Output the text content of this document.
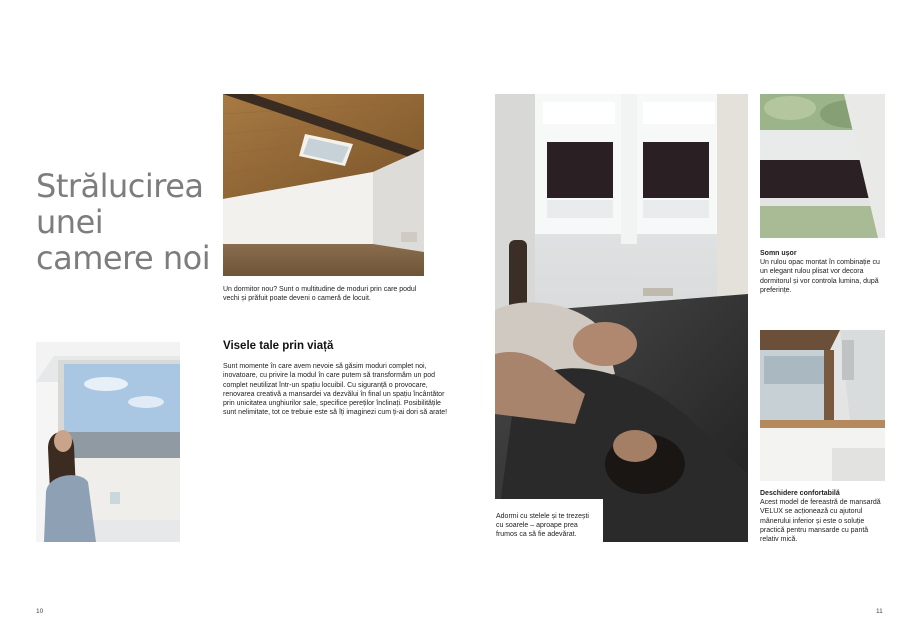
Strălucirea
unei
camere noi
Un dormitor nou? Sunt o multitudine de moduri prin care podul vechi și prăfuit poate deveni o cameră de locuit.
Visele tale prin viață
Sunt momente în care avem nevoie să găsim moduri complet noi, inovatoare, cu privire la modul în care putem să transformăm un pod complet neutilizat într-un spațiu locuibil. Cu siguranță o provocare, renovarea creativă a mansardei va dezvălui în final un spațiu încântător prin unicitatea unghiurilor sale, specifice pereților înclinați. Posibilitățile sunt nelimitate, tot ce trebuie este să îți imaginezi cum ți-ai dori să arate!
10
Adormi cu stelele și te trezești cu soarele – aproape prea frumos ca să fie adevărat.
Somn ușor
Un rulou opac montat în combinație cu un elegant rulou plisat vor decora dormitorul și vor controla lumina, după preferințe.
Deschidere confortabilă
Acest model de fereastră de mansardă VELUX se acționează cu ajutorul mânerului inferior și este o soluție practică pentru mansarde cu pantă relativ mică.
11
